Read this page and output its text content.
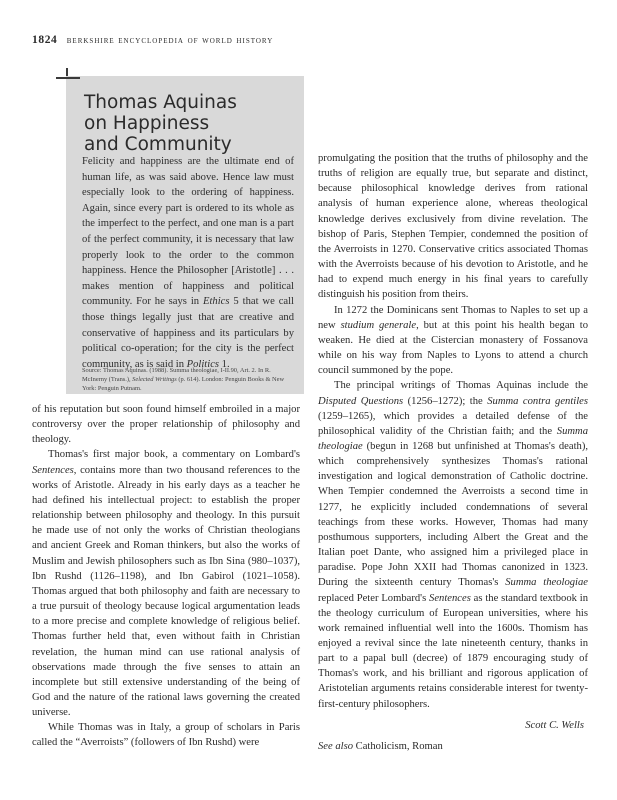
1824 berkshire encyclopedia of world history
Thomas Aquinas
on Happiness
and Community

Felicity and happiness are the ultimate end of human life, as was said above. Hence law must especially look to the ordering of happiness. Again, since every part is ordered to its whole as the imperfect to the perfect, and one man is a part of the perfect community, it is necessary that law properly look to the order to the common happiness. Hence the Philosopher [Aristotle] . . . makes mention of happiness and political community. For he says in Ethics 5 that we call those things legally just that are creative and conservative of happiness and its particulars by political co-operation; for the city is the perfect community, as is said in Politics 1.

Source: Thomas Aquinas. (1988). Summa theologiae, I-II.90, Art. 2. In R. McInerny (Trans.), Selected Writings (p. 614). London: Penguin Books & New York: Penguin Putnam.

of his reputation but soon found himself embroiled in a major controversy over the proper relationship of philosophy and theology.

Thomas's first major book, a commentary on Lombard's Sentences, contains more than two thousand references to the works of Aristotle. Already in his early days as a teacher he had defined his intellectual project: to establish the proper relationship between philosophy and theology. In this pursuit he made use of not only the works of Christian theologians and ancient Greek and Roman thinkers, but also the works of Muslim and Jewish philosophers such as Ibn Sina (980–1037), Ibn Rushd (1126–1198), and Ibn Gabirol (1021–1058). Thomas argued that both philosophy and faith are necessary to a true pursuit of theology because logical argumentation leads to a more precise and complete knowledge of religious belief. Thomas further held that, even without faith in Christian revelation, the human mind can use rational analysis of observations made through the five senses to attain an incomplete but still extensive understanding of the being of God and the nature of the rational laws governing the created universe.

While Thomas was in Italy, a group of scholars in Paris called the “Averroists” (followers of Ibn Rushd) were

promulgating the position that the truths of philosophy and the truths of religion are equally true, but separate and distinct, because philosophical knowledge derives from rational analysis of human experience alone, whereas theological knowledge derives exclusively from divine revelation. The bishop of Paris, Stephen Tempier, condemned the position of the Averroists in 1270. Conservative critics associated Thomas with the Averroists because of his devotion to Aristotle, and he had to expend much energy in his final years to carefully distinguish his position from theirs.

In 1272 the Dominicans sent Thomas to Naples to set up a new studium generale, but at this point his health began to weaken. He died at the Cistercian monastery of Fossanova while on his way from Naples to Lyons to attend a church council summoned by the pope.

The principal writings of Thomas Aquinas include the Disputed Questions (1256–1272); the Summa contra gentiles (1259–1265), which provides a detailed defense of the philosophical validity of the Christian faith; and the Summa theologiae (begun in 1268 but unfinished at Thomas's death), which comprehensively synthesizes Thomas's rational investigation and logical demonstration of Catholic doctrine. When Tempier condemned the Averroists a second time in 1277, he explicitly included condemnations of several teachings from these works. However, Thomas had many posthumous supporters, including Albert the Great and the Italian poet Dante, who assigned him a privileged place in paradise. Pope John XXII had Thomas canonized in 1323. During the sixteenth century Thomas's Summa theologiae replaced Peter Lombard's Sentences as the standard textbook in the theology curriculum of European universities, where his work remained influential well into the 1600s. Thomism has enjoyed a revival since the late nineteenth century, thanks in part to a papal bull (decree) of 1879 encouraging study of Thomas's work, and his brilliant and rigorous application of Aristotelian arguments retains considerable interest for twenty-first-century philosophers.

Scott C. Wells

See also Catholicism, Roman
